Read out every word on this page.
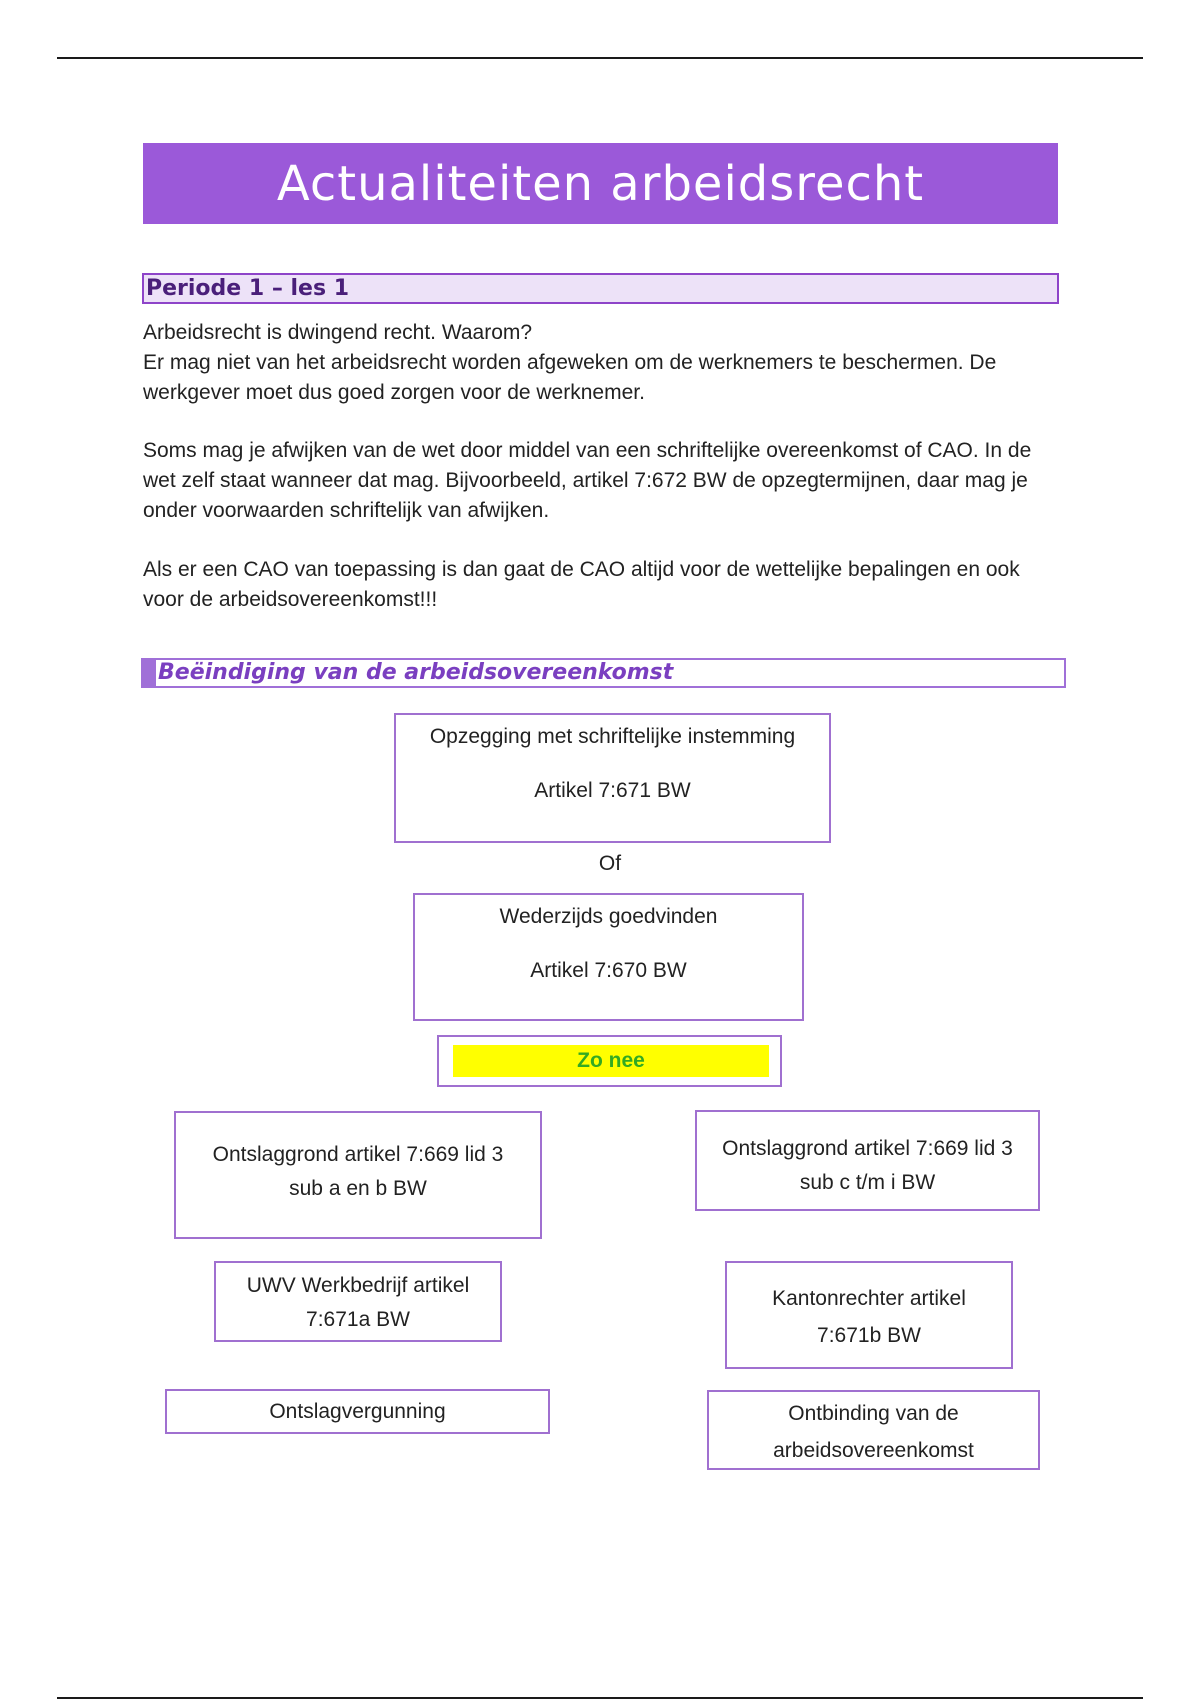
Actualiteiten arbeidsrecht
Periode 1 – les 1

Arbeidsrecht is dwingend recht. Waarom?
Er mag niet van het arbeidsrecht worden afgeweken om de werknemers te beschermen. De werkgever moet dus goed zorgen voor de werknemer.

Soms mag je afwijken van de wet door middel van een schriftelijke overeenkomst of CAO. In de wet zelf staat wanneer dat mag. Bijvoorbeeld, artikel 7:672 BW de opzegtermijnen, daar mag je onder voorwaarden schriftelijk van afwijken.

Als er een CAO van toepassing is dan gaat de CAO altijd voor de wettelijke bepalingen en ook voor de arbeidsovereenkomst!!!

Beëindiging van de arbeidsovereenkomst
Opzegging met schriftelijke instemming
Artikel 7:671 BW
Of
Wederzijds goedvinden
Artikel 7:670 BW
Zo nee
Ontslaggrond artikel 7:669 lid 3
sub a en b BW
Ontslaggrond artikel 7:669 lid 3
sub c t/m i BW
UWV Werkbedrijf artikel
7:671a BW
Kantonrechter artikel
7:671b BW
Ontslagvergunning	Ontbinding van de
arbeidsovereenkomst
